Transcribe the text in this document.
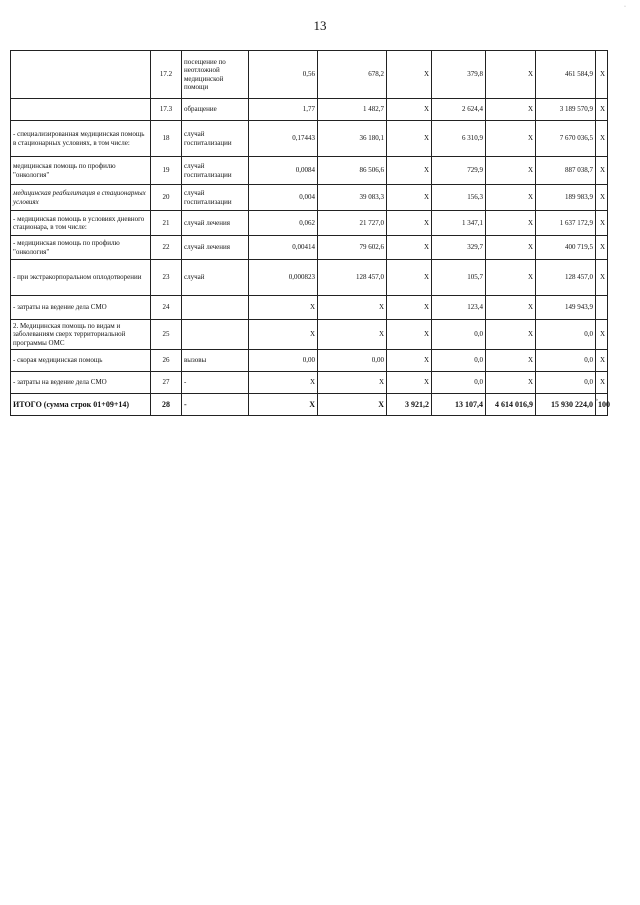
13
·
	17.2	посещение по неотложной медицинской помощи	0,56	678,2	X	379,8	X	461 584,9	X
	17.3	обращение	1,77	1 482,7	X	2 624,4	X	3 189 570,9	X
- специализированная медицинская помощь в стационарных условиях, в том числе:	18	случай госпитализации	0,17443	36 180,1	X	6 310,9	X	7 670 036,5	X
медицинская помощь по профилю "онкология"	19	случай госпитализации	0,0084	86 506,6	X	729,9	X	887 038,7	X
медицинская реабилитация в стационарных условиях	20	случай госпитализации	0,004	39 083,3	X	156,3	X	189 983,9	X
- медицинская помощь в условиях дневного стационара, в том числе:	21	случай лечения	0,062	21 727,0	X	1 347,1	X	1 637 172,9	X
- медицинская помощь по профилю "онкология"	22	случай лечения	0,00414	79 602,6	X	329,7	X	400 719,5	X
- при экстракорпоральном оплодотворении	23	случай	0,000823	128 457,0	X	105,7	X	128 457,0	X
- затраты на ведение дела СМО	24		X	X	X	123,4	X	149 943,9	
2. Медицинская помощь по видам и заболеваниям сверх территориальной программы ОМС	25		X	X	X	0,0	X	0,0	X
- скорая медицинская помощь	26	вызовы	0,00	0,00	X	0,0	X	0,0	X
- затраты на ведение дела СМО	27	-	X	X	X	0,0	X	0,0	X
ИТОГО (сумма строк 01+09+14)	28	-	X	X	3 921,2	13 107,4	4 614 016,9	15 930 224,0	100
»
